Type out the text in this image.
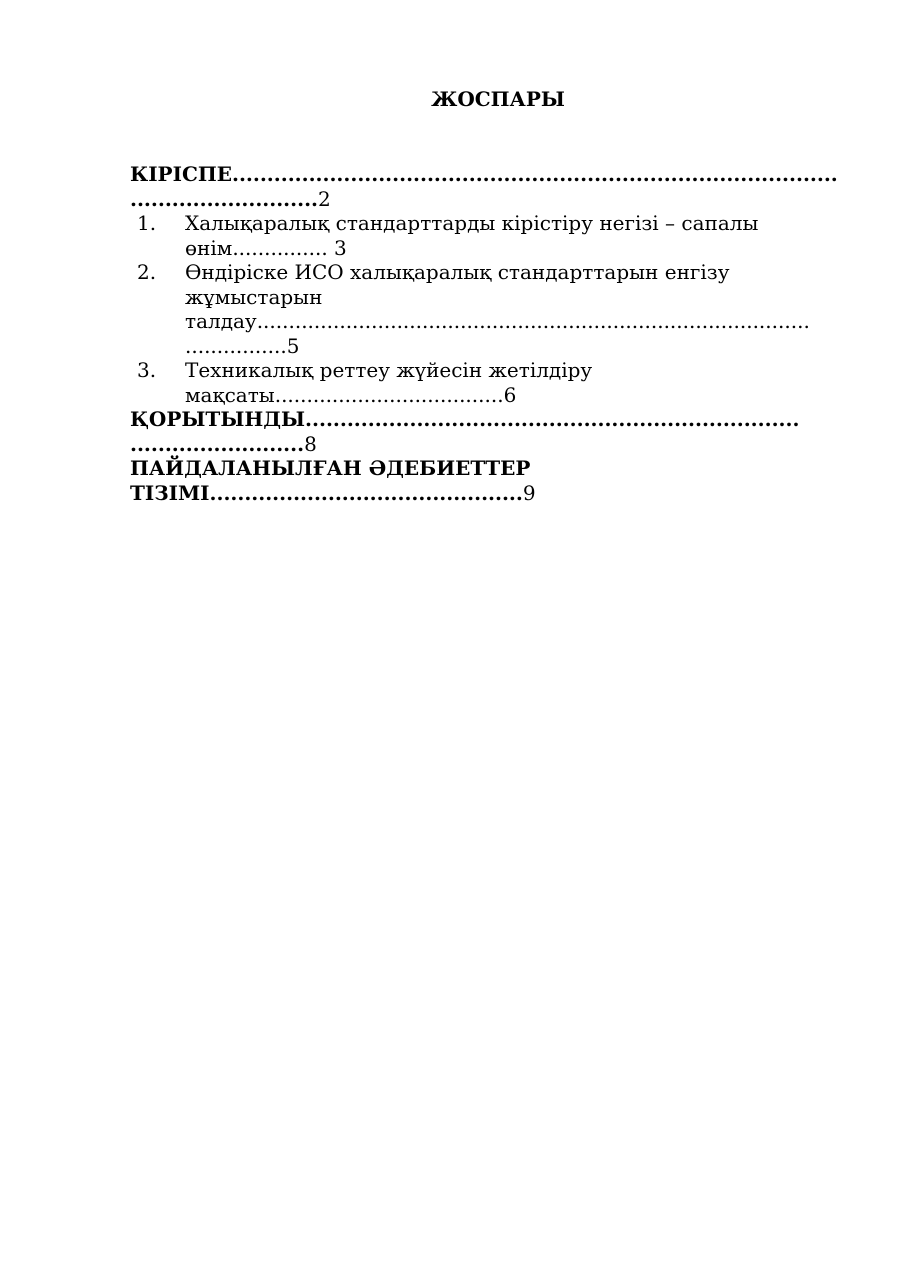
ЖОСПАРЫ
КІРІСПЕ.......................................................................................
...........................2
1. Халықаралық стандарттарды кірістіру негізі – сапалы
өнім............... 3
2. Өндіріске ИСО халықаралық стандарттарын енгізу
жұмыстарын
талдау.......................................................................................
................5
3. Техникалық реттеу жүйесін жетілдіру
мақсаты....................................6
ҚОРЫТЫНДЫ.......................................................................
.........................8
ПАЙДАЛАНЫЛҒАН ӘДЕБИЕТТЕР
ТІЗІМІ.............................................9
